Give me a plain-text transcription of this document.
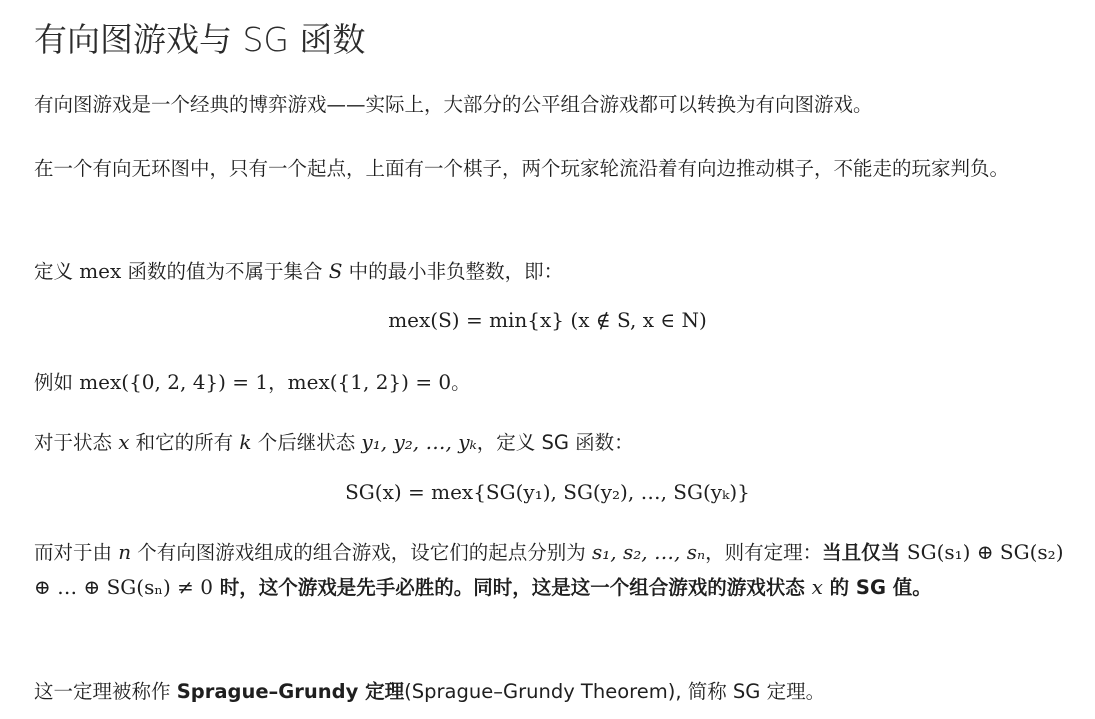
有向图游戏与 SG 函数
有向图游戏是一个经典的博弈游戏——实际上，大部分的公平组合游戏都可以转换为有向图游戏。
在一个有向无环图中，只有一个起点，上面有一个棋子，两个玩家轮流沿着有向边推动棋子，不能走的玩家判负。
定义 mex 函数的值为不属于集合 S 中的最小非负整数，即：
mex(S) = min{x} (x ∉ S, x ∈ N)
例如 mex({0, 2, 4}) = 1，mex({1, 2}) = 0。
对于状态 x 和它的所有 k 个后继状态 y₁, y₂, …, yₖ，定义 SG 函数：
SG(x) = mex{SG(y₁), SG(y₂), …, SG(yₖ)}
而对于由 n 个有向图游戏组成的组合游戏，设它们的起点分别为 s₁, s₂, …, sₙ，则有定理：当且仅当 SG(s₁) ⊕ SG(s₂) ⊕ … ⊕ SG(sₙ) ≠ 0 时，这个游戏是先手必胜的。同时，这是这一个组合游戏的游戏状态 x 的 SG 值。
这一定理被称作 Sprague–Grundy 定理(Sprague–Grundy Theorem), 简称 SG 定理。
